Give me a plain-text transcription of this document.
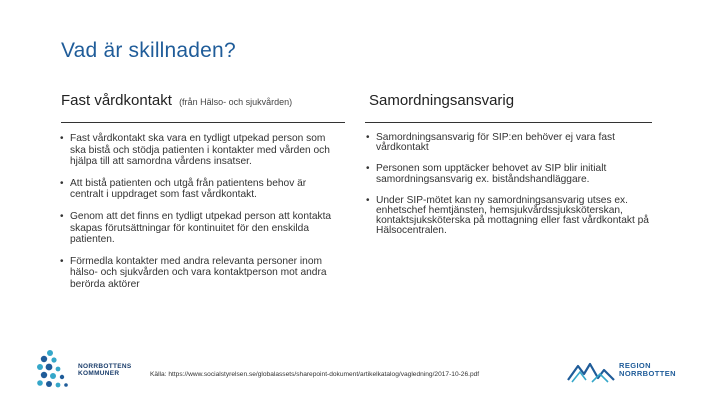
Vad är skillnaden?
Fast vårdkontakt (från Hälso- och sjukvården)	Samordningsansvarig
• Fast vårdkontakt ska vara en tydligt utpekad person som ska bistå och stödja patienten i kontakter med vården och hjälpa till att samordna vårdens insatser.
• Att bistå patienten och utgå från patientens behov är centralt i uppdraget som fast vårdkontakt.
• Genom att det finns en tydligt utpekad person att kontakta skapas förutsättningar för kontinuitet för den enskilda patienten.
• Förmedla kontakter med andra relevanta personer inom hälso- och sjukvården och vara kontaktperson mot andra berörda aktörer
• Samordningsansvarig för SIP:en behöver ej vara fast vårdkontakt
• Personen som upptäcker behovet av SIP blir initialt samordningsansvarig ex. biståndshandläggare.
• Under SIP-mötet kan ny samordningsansvarig utses ex. enhetschef hemtjänsten, hemsjukvårdssjuksköterskan, kontaktsjuksköterska på mottagning eller fast vårdkontakt på Hälsocentralen.
NORRBOTTENS KOMMUNER	Källa: https://www.socialstyrelsen.se/globalassets/sharepoint-dokument/artikelkatalog/vagledning/2017-10-26.pdf
REGION NORRBOTTEN
